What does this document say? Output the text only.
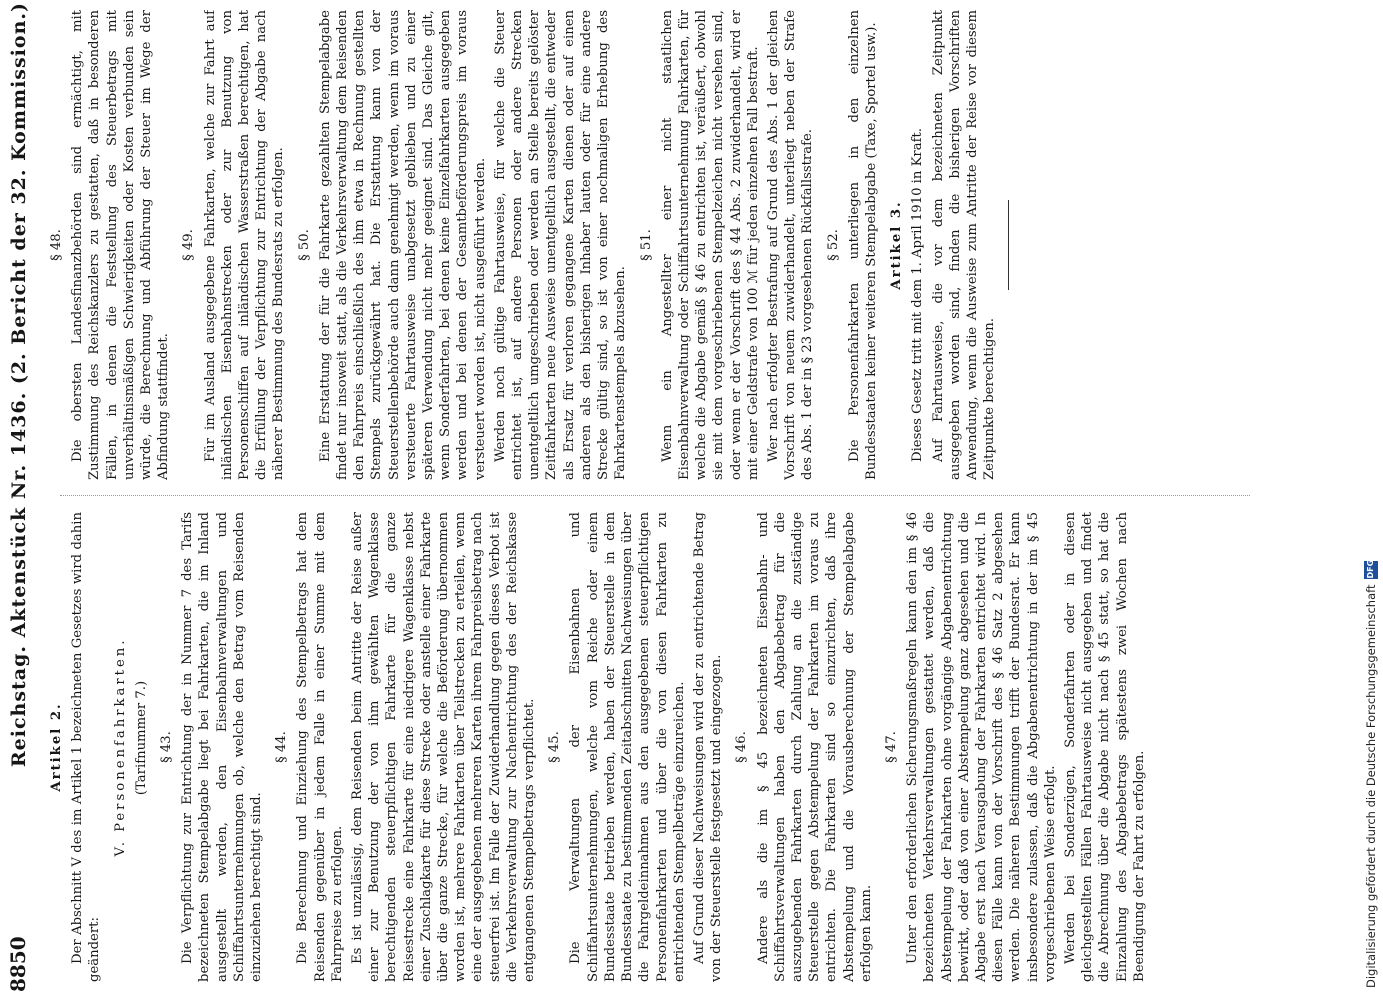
8850
Reichstag. Aktenstück Nr. 1436. (2. Bericht der 32. Kommission.) Artikel 2. Der Abschnitt V des im Artikel 1 bezeichneten Gesetzes wird dahin geändert:

V. Personenfahrkarten. (Tarifnummer 7.) § 43. Die Verpflichtung zur Entrichtung der in Nummer 7 des Tarifs bezeichneten Stempelabgabe liegt bei Fahrkarten, die im Inland ausgestellt werden, den Eisenbahnverwaltungen und Schiffahrtsunternehmungen ob, welche den Betrag vom Reisenden einzuziehen berechtigt sind.

§ 44. Die Berechnung und Einziehung des Stempelbetrags hat dem Reisenden gegenüber in jedem Falle in einer Summe mit dem Fahrpreise zu erfolgen. Es ist unzulässig, dem Reisenden beim Antritte der Reise außer einer zur Benutzung der von ihm gewählten Wagenklasse berechtigenden steuerpflichtigen Fahrkarte für die ganze Reisestrecke eine Fahrkarte für eine niedrigere Wagenklasse nebst einer Zuschlagkarte für diese Strecke oder anstelle einer Fahrkarte über die ganze Strecke, für welche die Beförderung übernommen worden ist, mehrere Fahrkarten über Teilstrecken zu erteilen, wenn eine der ausgegebenen mehreren Karten ihrem Fahrpreisbetrag nach steuerfrei ist. Im Falle der Zuwiderhandlung gegen dieses Verbot ist die Verkehrsverwaltung zur Nachentrichtung des der Reichskasse entgangenen Stempelbetrags verpflichtet. § 45. Die Verwaltungen der Eisenbahnen und Schiffahrtsunternehmungen, welche vom Reiche oder einem Bundesstaate betrieben werden, haben der Steuerstelle in dem Bundesstaate zu bestimmenden Zeitabschnitten Nachweisungen über die Fahrgeldeinnahmen aus den ausgegebenen steuerpflichtigen Personenfahrkarten und über die von diesen Fahrkarten zu entrichtenden Stempelbeträge einzureichen. Auf Grund dieser Nachweisungen wird der zu entrichtende Betrag von der Steuerstelle festgesetzt und eingezogen. § 46. Andere als die im § 45 bezeichneten Eisenbahn- und Schiffahrtsverwaltungen haben den Abgabebetrag für die auszugebenden Fahrkarten durch Zahlung an die zuständige Steuerstelle gegen Abstempelung der Fahrkarten im voraus zu entrichten. Die Fahrkarten sind so einzurichten, daß ihre Abstempelung und die Vorausberechnung der Stempelabgabe erfolgen kann.

§ 47. Unter den erforderlichen Sicherungsmaßregeln kann den im § 46 bezeichneten Verkehrsverwaltungen gestattet werden, daß die Abstempelung der Fahrkarten ohne vorgängige Abgabenentrichtung bewirkt, oder daß von einer Abstempelung ganz abgesehen und die Abgabe erst nach Verausgabung der Fahrkarten entrichtet wird. In diesen Fälle kann von der Vorschrift des § 46 Satz 2 abgesehen werden. Die näheren Bestimmungen trifft der Bundesrat. Er kann insbesondere zulassen, daß die Abgabenentrichtung in der im § 45 vorgeschriebenen Weise erfolgt. Werden bei Sonderzügen, Sonderfahrten oder in diesen gleichgestellten Fällen Fahrtausweise nicht ausgegeben und findet die Abrechnung über die Abgabe nicht nach § 45 statt, so hat die Einzahlung des Abgabebetrags spätestens zwei Wochen nach Beendigung der Fahrt zu erfolgen.

§ 48. Die obersten Landesfinanzbehörden sind ermächtigt, mit Zustimmung des Reichskanzlers zu gestatten, daß in besonderen Fällen, in denen die Feststellung des Steuerbetrags mit unverhältnismäßigen Schwierigkeiten oder Kosten verbunden sein würde, die Berechnung und Abführung der Steuer im Wege der Abfindung stattfindet.

§ 49. Für im Ausland ausgegebene Fahrkarten, welche zur Fahrt auf inländischen Eisenbahnstrecken oder zur Benutzung von Personenschiffen auf inländischen Wasserstraßen berechtigen, hat die Erfüllung der Verpflichtung zur Entrichtung der Abgabe nach näherer Bestimmung des Bundesrats zu erfolgen. § 50. Eine Erstattung der für die Fahrkarte gezahlten Stempelabgabe findet nur insoweit statt, als die Verkehrsverwaltung dem Reisenden den Fahrpreis einschließlich des ihm etwa in Rechnung gestellten Stempels zurückgewährt hat. Die Erstattung kann von der Steuerstellenbehörde auch dann genehmigt werden, wenn im voraus versteuerte Fahrtausweise unabgesetzt geblieben und zu einer späteren Verwendung nicht mehr geeignet sind. Das Gleiche gilt, wenn Sonderfahrten, bei denen keine Einzelfahrkarten ausgegeben werden und bei denen der Gesamtbeförderungspreis im voraus versteuert worden ist, nicht ausgeführt werden. Werden noch gültige Fahrtausweise, für welche die Steuer entrichtet ist, auf andere Personen oder andere Strecken unentgeltlich umgeschrieben oder werden an Stelle bereits gelöster Zeitfahrkarten neue Ausweise unentgeltlich ausgestellt, die entweder als Ersatz für verloren gegangene Karten dienen oder auf einen anderen als den bisherigen Inhaber lauten oder für eine andere Strecke gültig sind, so ist von einer nochmaligen Erhebung des Fahrkartenstempels abzusehen.

§ 51. Wenn ein Angestellter einer nicht staatlichen Eisenbahnverwaltung oder Schiffahrtsunternehmung Fahrkarten, für welche die Abgabe gemäß § 46 zu entrichten ist, veräußert, obwohl sie mit dem vorgeschriebenen Stempelzeichen nicht versehen sind, oder wenn er der Vorschrift des § 44 Abs. 2 zuwiderhandelt, wird er mit einer Geldstrafe von 100 ℳ für jeden einzelnen Fall bestraft. Wer nach erfolgter Bestrafung auf Grund des Abs. 1 der gleichen Vorschrift von neuem zuwiderhandelt, unterliegt neben der Strafe des Abs. 1 der in § 23 vorgesehenen Rückfallsstrafe. § 52. Die Personenfahrkarten unterliegen in den einzelnen Bundesstaaten keiner weiteren Stempelabgabe (Taxe, Sportel usw.). Artikel 3. Dieses Gesetz tritt mit dem 1. April 1910 in Kraft. Auf Fahrtausweise, die vor dem bezeichneten Zeitpunkt ausgegeben worden sind, finden die bisherigen Vorschriften Anwendung, wenn die Ausweise zum Antritte der Reise vor diesem Zeitpunkte berechtigen.

Digitalisierung gefördert durch die Deutsche Forschungsgemeinschaft
DFG
